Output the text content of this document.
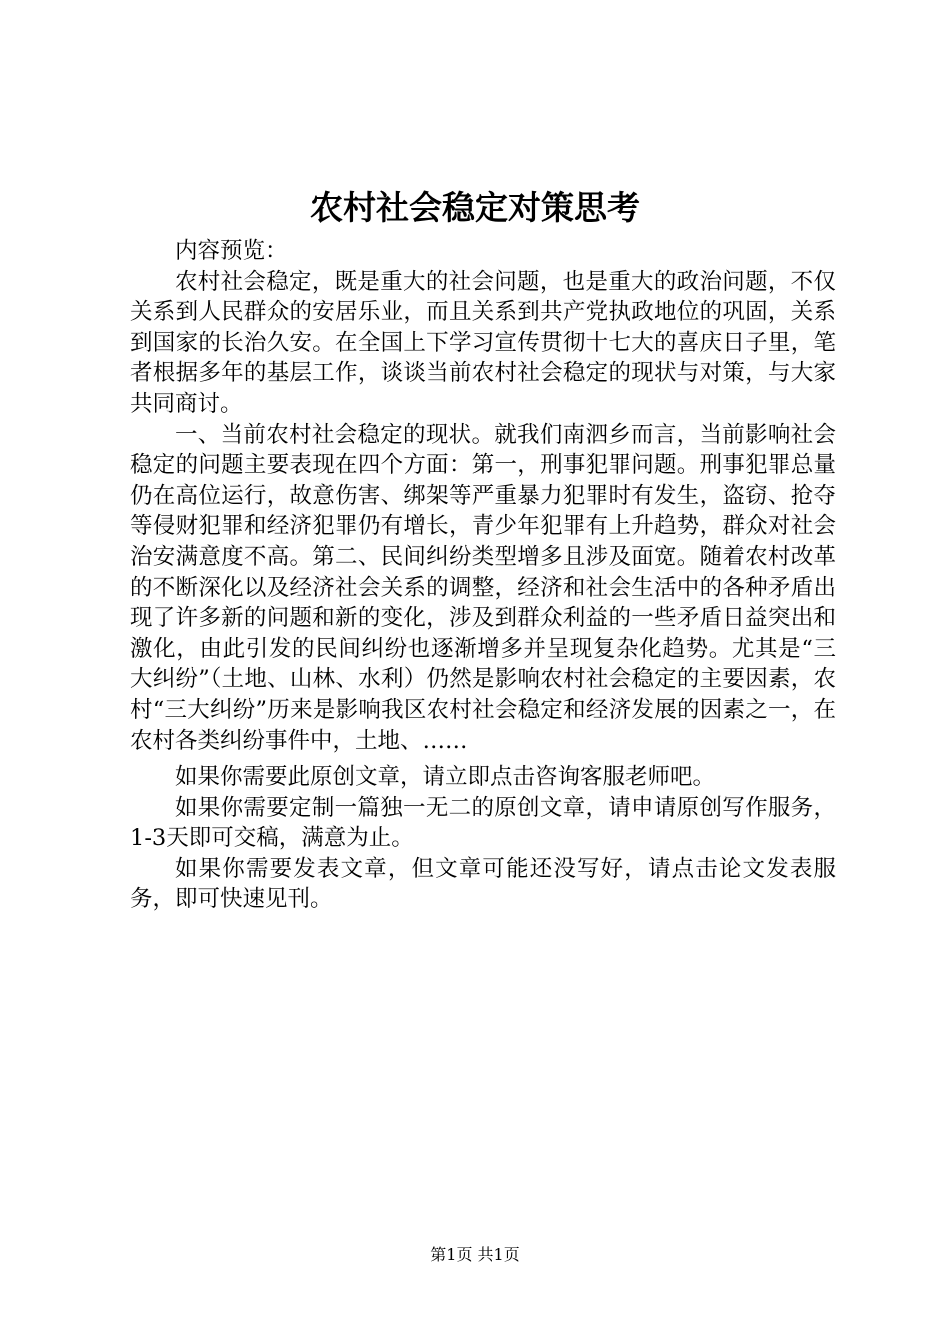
农村社会稳定对策思考

内容预览：

农村社会稳定，既是重大的社会问题，也是重大的政治问题，不仅关系到人民群众的安居乐业，而且关系到共产党执政地位的巩固，关系到国家的长治久安。在全国上下学习宣传贯彻十七大的喜庆日子里，笔者根据多年的基层工作，谈谈当前农村社会稳定的现状与对策，与大家共同商讨。

一、当前农村社会稳定的现状。就我们南泗乡而言，当前影响社会稳定的问题主要表现在四个方面：第一，刑事犯罪问题。刑事犯罪总量仍在高位运行，故意伤害、绑架等严重暴力犯罪时有发生，盗窃、抢夺等侵财犯罪和经济犯罪仍有增长，青少年犯罪有上升趋势，群众对社会治安满意度不高。第二、民间纠纷类型增多且涉及面宽。随着农村改革的不断深化以及经济社会关系的调整，经济和社会生活中的各种矛盾出现了许多新的问题和新的变化，涉及到群众利益的一些矛盾日益突出和激化，由此引发的民间纠纷也逐渐增多并呈现复杂化趋势。尤其是“三大纠纷”（土地、山林、水利）仍然是影响农村社会稳定的主要因素，农村“三大纠纷”历来是影响我区农村社会稳定和经济发展的因素之一，在农村各类纠纷事件中，土地、……

如果你需要此原创文章，请立即点击咨询客服老师吧。

如果你需要定制一篇独一无二的原创文章，请申请原创写作服务，1-3天即可交稿，满意为止。

如果你需要发表文章，但文章可能还没写好，请点击论文发表服务，即可快速见刊。

第1页 共1页
